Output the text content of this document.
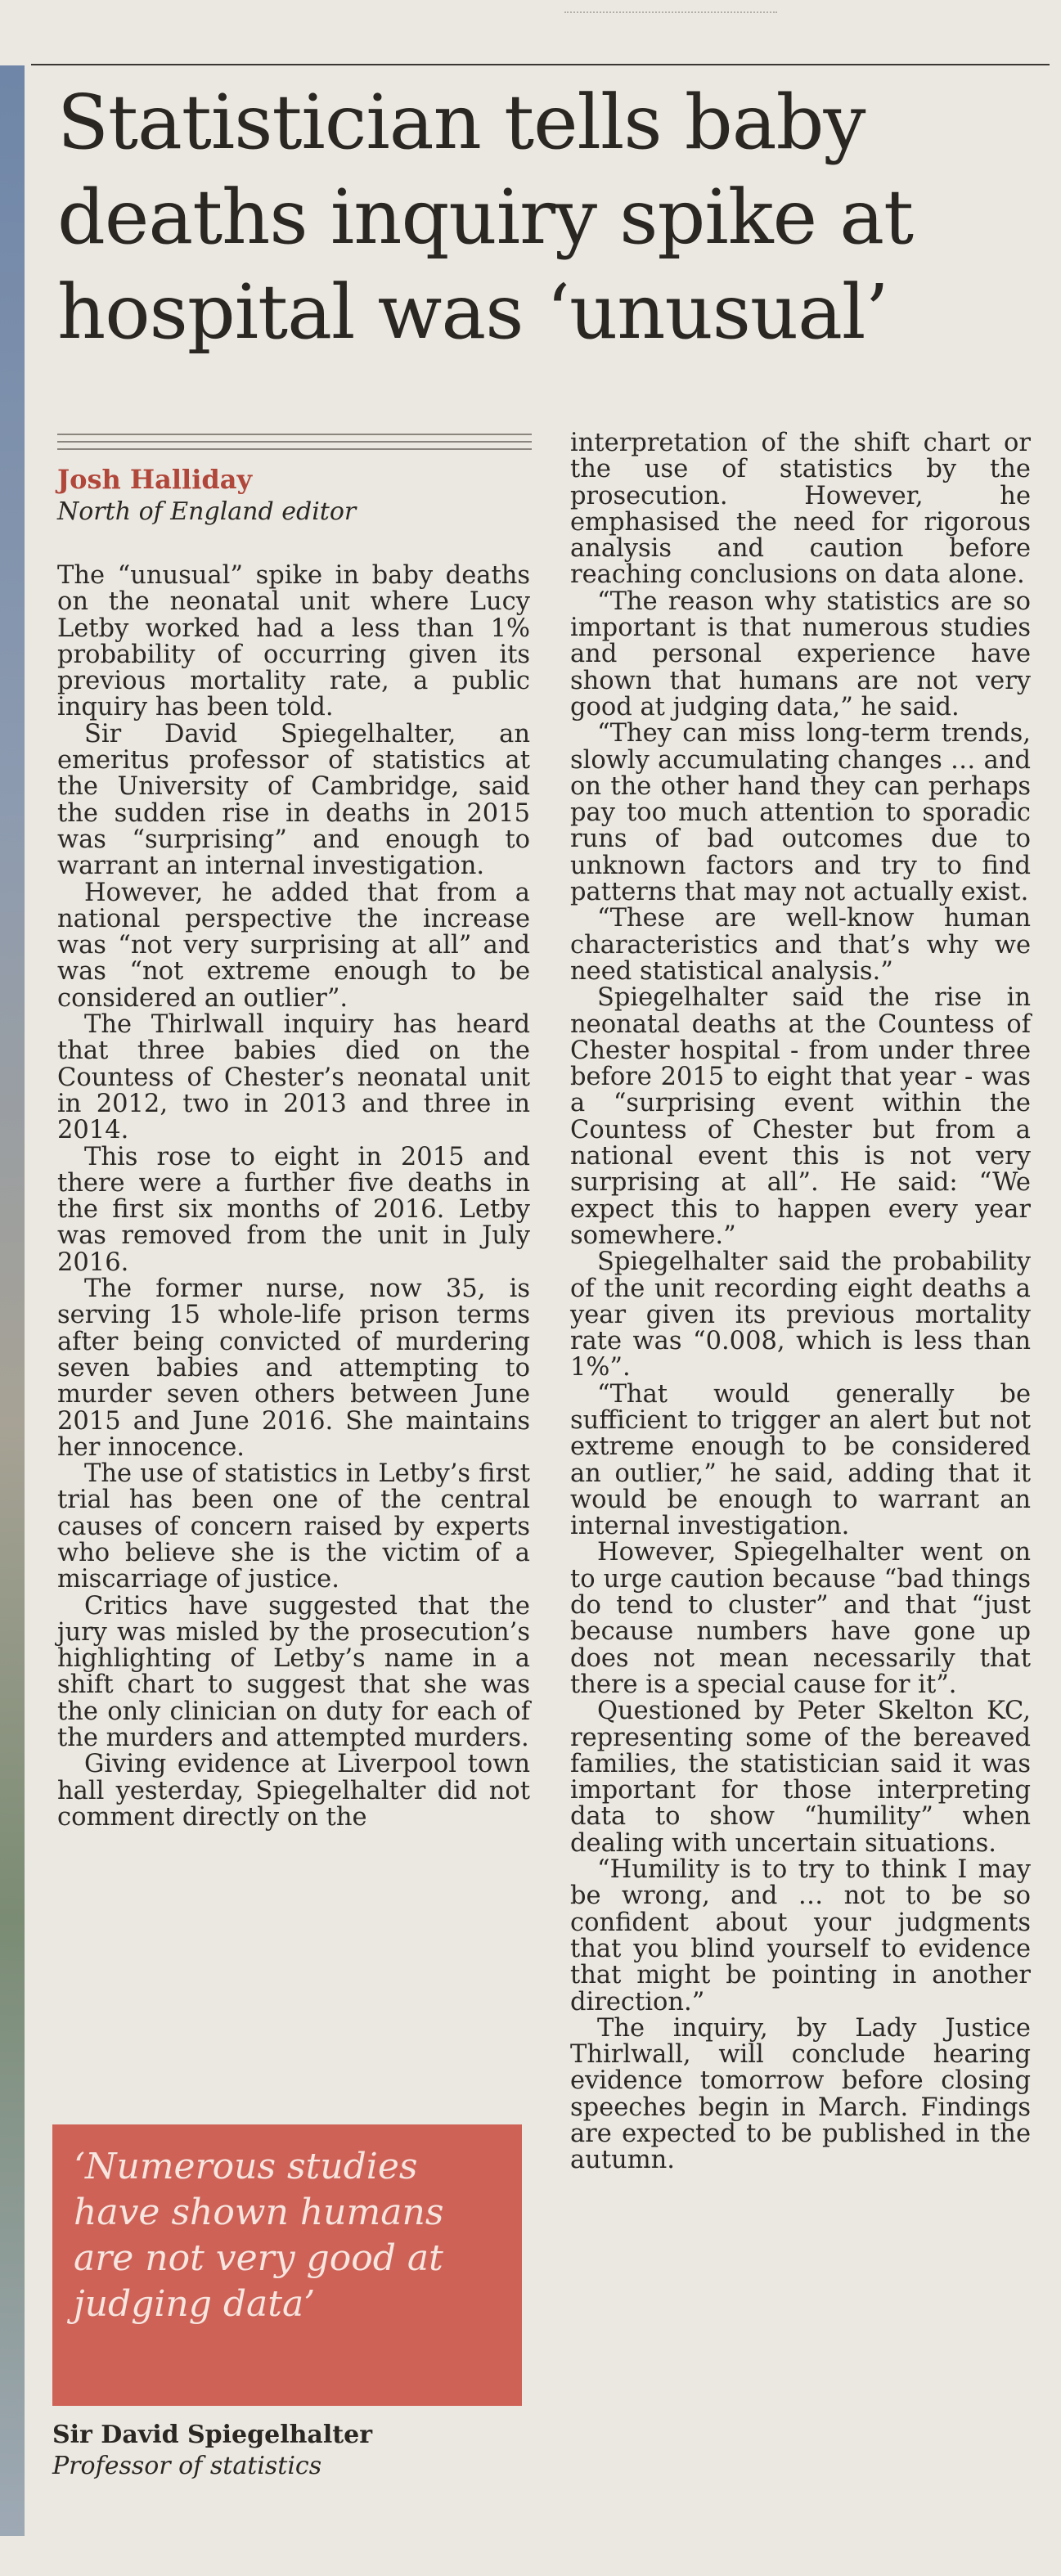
Statistician tells baby deaths inquiry spike at hospital was ‘unusual’
Josh Halliday
North of England editor

The “unusual” spike in baby deaths on the neonatal unit where Lucy Letby worked had a less than 1% probability of occurring given its previous mortality rate, a public inquiry has been told.

Sir David Spiegelhalter, an emeritus professor of statistics at the University of Cambridge, said the sudden rise in deaths in 2015 was “surprising” and enough to warrant an internal investigation.

However, he added that from a national perspective the increase was “not very surprising at all” and was “not extreme enough to be considered an outlier”.

The Thirlwall inquiry has heard that three babies died on the Countess of Chester’s neonatal unit in 2012, two in 2013 and three in 2014.

This rose to eight in 2015 and there were a further five deaths in the first six months of 2016. Letby was removed from the unit in July 2016.

The former nurse, now 35, is serving 15 whole-life prison terms after being convicted of murdering seven babies and attempting to murder seven others between June 2015 and June 2016. She maintains her innocence.

The use of statistics in Letby’s first trial has been one of the central causes of concern raised by experts who believe she is the victim of a miscarriage of justice.

Critics have suggested that the jury was misled by the prosecution’s highlighting of Letby’s name in a shift chart to suggest that she was the only clinician on duty for each of the murders and attempted murders.

Giving evidence at Liverpool town hall yesterday, Spiegelhalter did not comment directly on the

interpretation of the shift chart or the use of statistics by the prosecution. However, he emphasised the need for rigorous analysis and caution before reaching conclusions on data alone.

“The reason why statistics are so important is that numerous studies and personal experience have shown that humans are not very good at judging data,” he said.

“They can miss long-term trends, slowly accumulating changes … and on the other hand they can perhaps pay too much attention to sporadic runs of bad outcomes due to unknown factors and try to find patterns that may not actually exist.

“These are well-know human characteristics and that’s why we need statistical analysis.”

Spiegelhalter said the rise in neonatal deaths at the Countess of Chester hospital - from under three before 2015 to eight that year - was a “surprising event within the Countess of Chester but from a national event this is not very surprising at all”. He said: “We expect this to happen every year somewhere.”

Spiegelhalter said the probability of the unit recording eight deaths a year given its previous mortality rate was “0.008, which is less than 1%”.

“That would generally be sufficient to trigger an alert but not extreme enough to be considered an outlier,” he said, adding that it would be enough to warrant an internal investigation.

However, Spiegelhalter went on to urge caution because “bad things do tend to cluster” and that “just because numbers have gone up does not mean necessarily that there is a special cause for it”.

Questioned by Peter Skelton KC, representing some of the bereaved families, the statistician said it was important for those interpreting data to show “humility” when dealing with uncertain situations.

“Humility is to try to think I may be wrong, and … not to be so confident about your judgments that you blind yourself to evidence that might be pointing in another direction.”

The inquiry, by Lady Justice Thirlwall, will conclude hearing evidence tomorrow before closing speeches begin in March. Findings are expected to be published in the autumn.

‘Numerous studies have shown humans are not very good at judging data’
Sir David Spiegelhalter
Professor of statistics
